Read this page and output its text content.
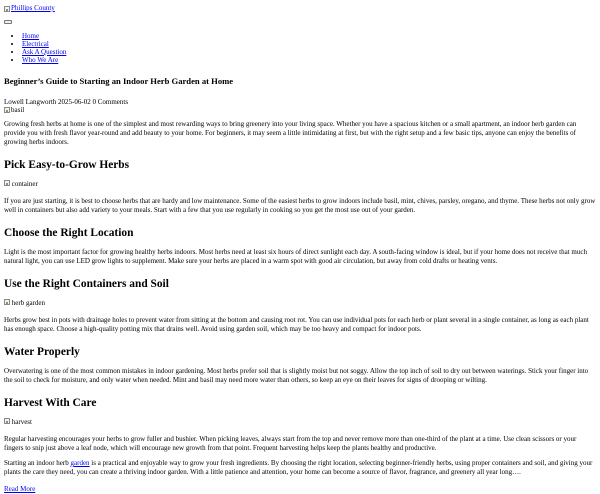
Phillips County
• Home
• Electrical
• Ask A Question
• Who We Are
Beginner’s Guide to Starting an Indoor Herb Garden at Home
Lowell Langworth 2025-06-02 0 Comments
basil

Growing fresh herbs at home is one of the simplest and most rewarding ways to bring greenery into your living space. Whether you have a spacious kitchen or a small apartment, an indoor herb garden can provide you with fresh flavor year-round and add beauty to your home. For beginners, it may seem a little intimidating at first, but with the right setup and a few basic tips, anyone can enjoy the benefits of growing herbs indoors.

Pick Easy-to-Grow Herbs
container

If you are just starting, it is best to choose herbs that are hardy and low maintenance. Some of the easiest herbs to grow indoors include basil, mint, chives, parsley, oregano, and thyme. These herbs not only grow well in containers but also add variety to your meals. Start with a few that you use regularly in cooking so you get the most use out of your garden.

Choose the Right Location

Light is the most important factor for growing healthy herbs indoors. Most herbs need at least six hours of direct sunlight each day. A south-facing window is ideal, but if your home does not receive that much natural light, you can use LED grow lights to supplement. Make sure your herbs are placed in a warm spot with good air circulation, but away from cold drafts or heating vents.

Use the Right Containers and Soil
herb garden

Herbs grow best in pots with drainage holes to prevent water from sitting at the bottom and causing root rot. You can use individual pots for each herb or plant several in a single container, as long as each plant has enough space. Choose a high-quality potting mix that drains well. Avoid using garden soil, which may be too heavy and compact for indoor pots.

Water Properly

Overwatering is one of the most common mistakes in indoor gardening. Most herbs prefer soil that is slightly moist but not soggy. Allow the top inch of soil to dry out between waterings. Stick your finger into the soil to check for moisture, and only water when needed. Mint and basil may need more water than others, so keep an eye on their leaves for signs of drooping or wilting.

Harvest With Care
harvest

Regular harvesting encourages your herbs to grow fuller and bushier. When picking leaves, always start from the top and never remove more than one-third of the plant at a time. Use clean scissors or your fingers to snip just above a leaf node, which will encourage new growth from that point. Frequent harvesting helps keep the plants healthy and productive.

Starting an indoor herb garden is a practical and enjoyable way to grow your fresh ingredients. By choosing the right location, selecting beginner-friendly herbs, using proper containers and soil, and giving your plants the care they need, you can create a thriving indoor garden. With a little patience and attention, your home can become a source of flavor, fragrance, and greenery all year long….

Read More
